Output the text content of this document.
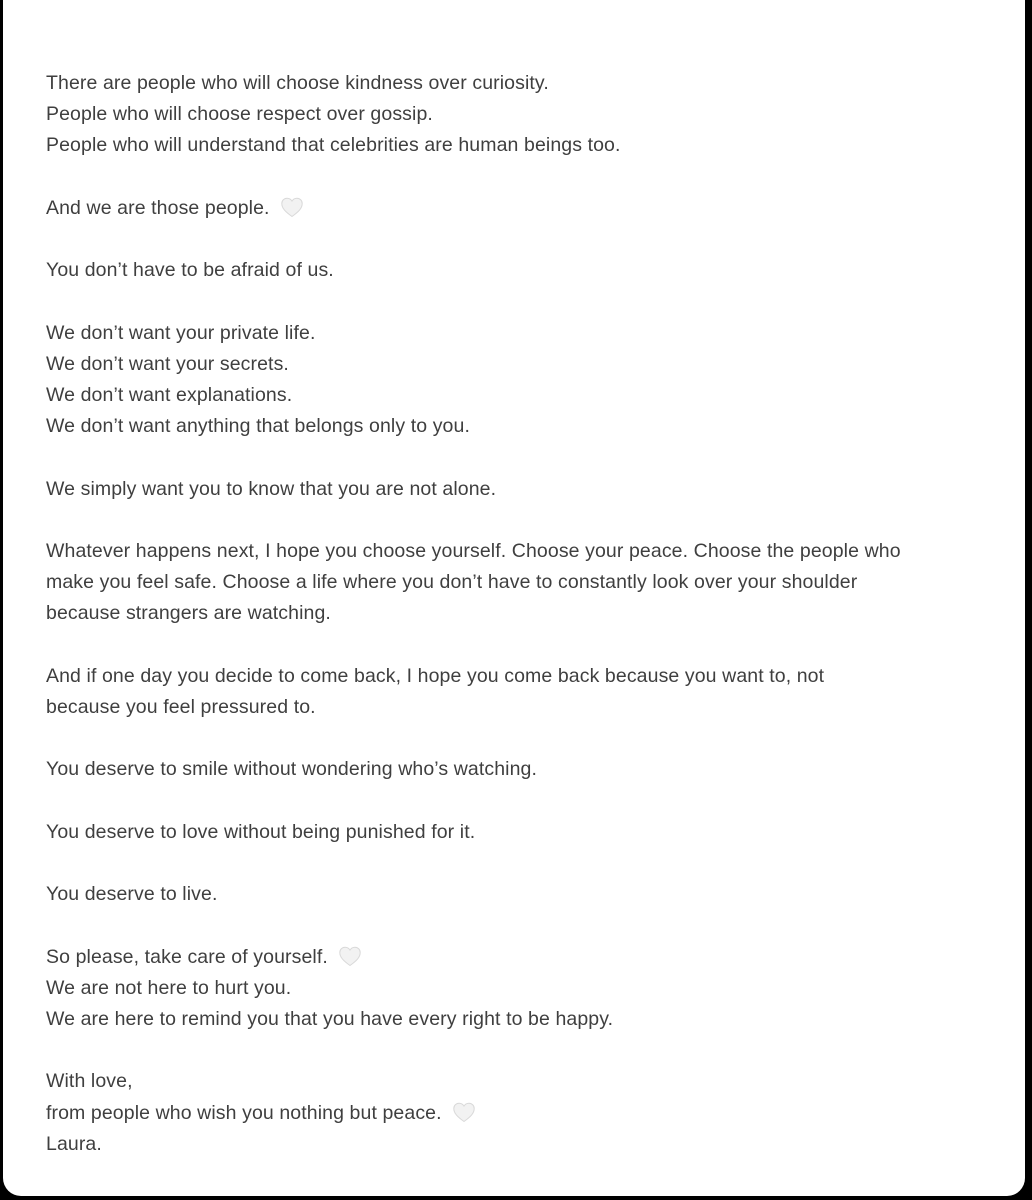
There are people who will choose kindness over curiosity.
People who will choose respect over gossip.
People who will understand that celebrities are human beings too.

And we are those people.

You don’t have to be afraid of us.

We don’t want your private life.
We don’t want your secrets.
We don’t want explanations.
We don’t want anything that belongs only to you.

We simply want you to know that you are not alone.

Whatever happens next, I hope you choose yourself. Choose your peace. Choose the people who
make you feel safe. Choose a life where you don’t have to constantly look over your shoulder
because strangers are watching.

And if one day you decide to come back, I hope you come back because you want to, not
because you feel pressured to.

You deserve to smile without wondering who’s watching.

You deserve to love without being punished for it.

You deserve to live.

So please, take care of yourself.
We are not here to hurt you.
We are here to remind you that you have every right to be happy.

With love,
from people who wish you nothing but peace.
Laura.
